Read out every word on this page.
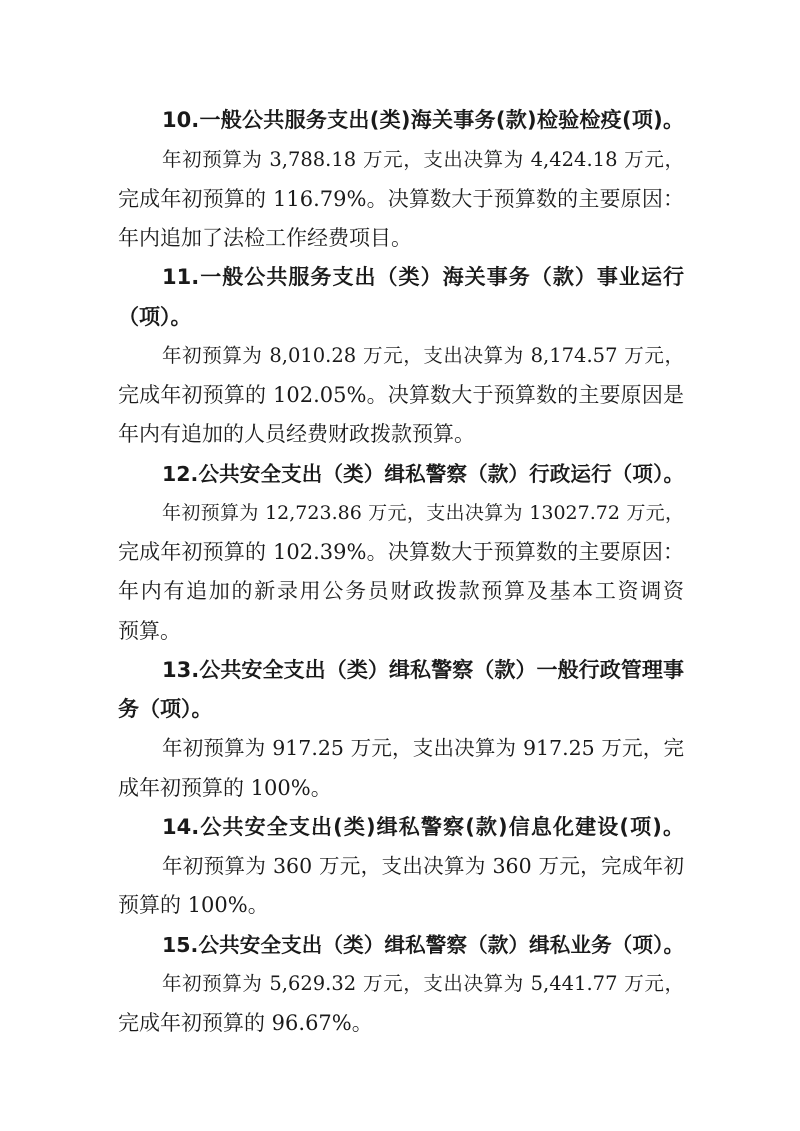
10.一般公共服务支出(类)海关事务(款)检验检疫(项)。
年初预算为 3,788.18 万元，支出决算为 4,424.18 万元，
完成年初预算的 116.79%。决算数大于预算数的主要原因：
年内追加了法检工作经费项目。
11.一般公共服务支出（类）海关事务（款）事业运行
（项）。
年初预算为 8,010.28 万元，支出决算为 8,174.57 万元，
完成年初预算的 102.05%。决算数大于预算数的主要原因是
年内有追加的人员经费财政拨款预算。
12.公共安全支出（类）缉私警察（款）行政运行（项）。
年初预算为 12,723.86 万元，支出决算为 13027.72 万元，
完成年初预算的 102.39%。决算数大于预算数的主要原因：
年内有追加的新录用公务员财政拨款预算及基本工资调资
预算。
13.公共安全支出（类）缉私警察（款）一般行政管理事
务（项）。
年初预算为 917.25 万元，支出决算为 917.25 万元，完
成年初预算的 100%。
14.公共安全支出(类)缉私警察(款)信息化建设(项)。
年初预算为 360 万元，支出决算为 360 万元，完成年初
预算的 100%。
15.公共安全支出（类）缉私警察（款）缉私业务（项）。
年初预算为 5,629.32 万元，支出决算为 5,441.77 万元，
完成年初预算的 96.67%。
